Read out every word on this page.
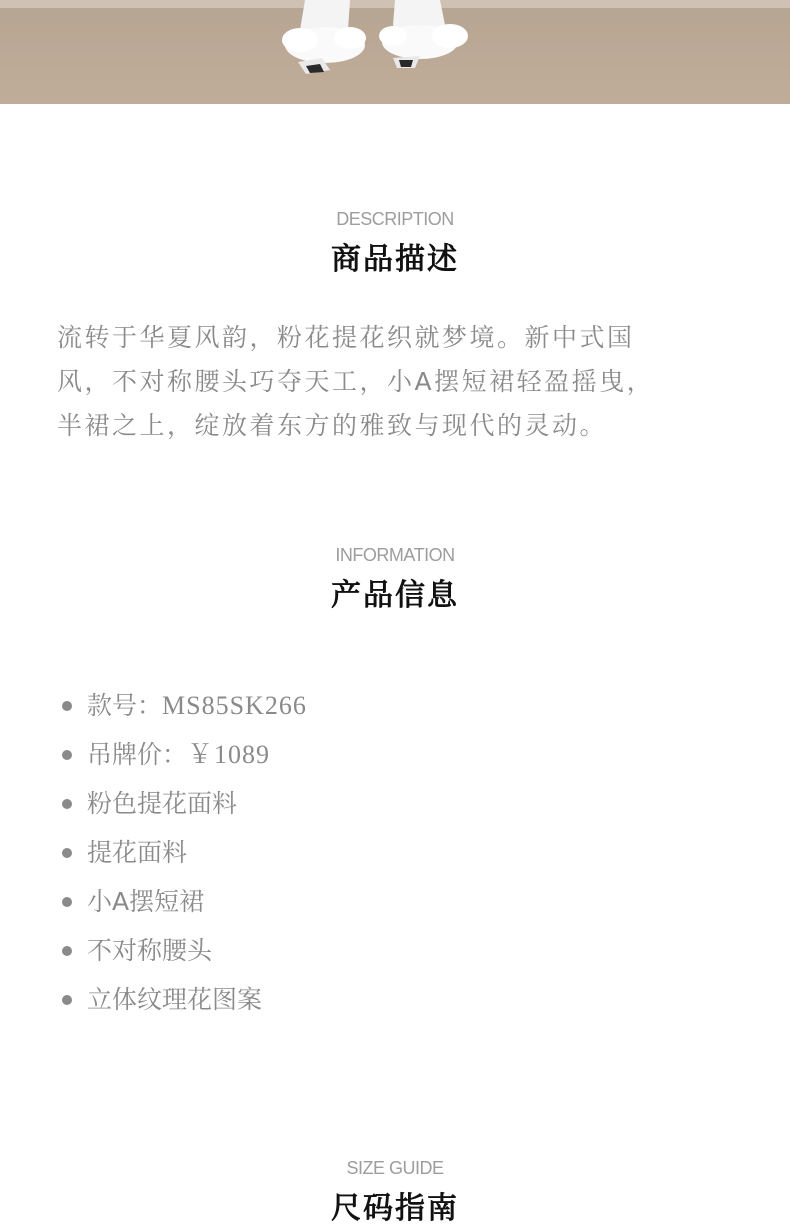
DESCRIPTION
商品描述
流转于华夏风韵，粉花提花织就梦境。新中式国
风，不对称腰头巧夺天工，小A摆短裙轻盈摇曳，
半裙之上，绽放着东方的雅致与现代的灵动。
INFORMATION
产品信息
款号：MS85SK266
吊牌价：￥1089
粉色提花面料
提花面料
小A摆短裙
不对称腰头
立体纹理花图案
SIZE GUIDE
尺码指南
